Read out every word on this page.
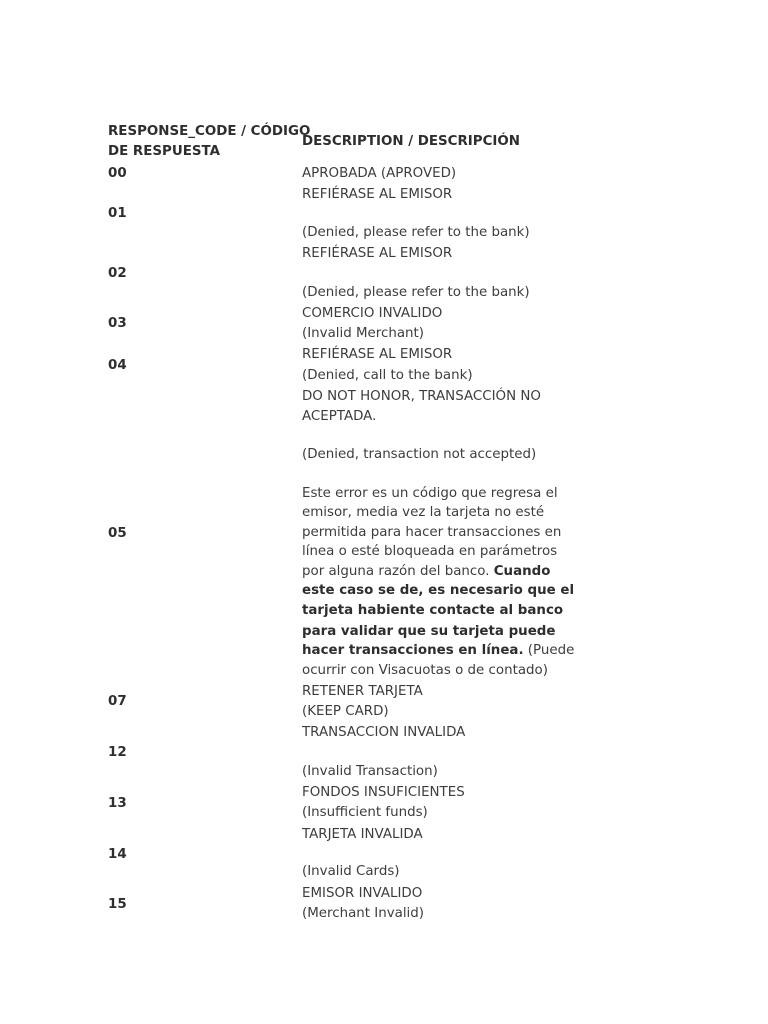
RESPONSE_CODE / CÓDIGO
DE RESPUESTA
DESCRIPTION / DESCRIPCIÓN
00	APROBADA (APROVED)
REFIÉRASE AL EMISOR
01
(Denied, please refer to the bank)
REFIÉRASE AL EMISOR
02
(Denied, please refer to the bank)
COMERCIO INVALIDO
03
(Invalid Merchant)
REFIÉRASE AL EMISOR
04
(Denied, call to the bank)
DO NOT HONOR, TRANSACCIÓN NO
ACEPTADA.
(Denied, transaction not accepted)
Este error es un código que regresa el
emisor, media vez la tarjeta no esté
05	permitida para hacer transacciones en
línea o esté bloqueada en parámetros
por alguna razón del banco. Cuando
este caso se de, es necesario que el
tarjeta habiente contacte al banco
para validar que su tarjeta puede
hacer transacciones en línea. (Puede
ocurrir con Visacuotas o de contado)
RETENER TARJETA
07
(KEEP CARD)
TRANSACCION INVALIDA
12
(Invalid Transaction)
FONDOS INSUFICIENTES
13
(Insufficient funds)
TARJETA INVALIDA
14
(Invalid Cards)
EMISOR INVALIDO
15
(Merchant Invalid)
